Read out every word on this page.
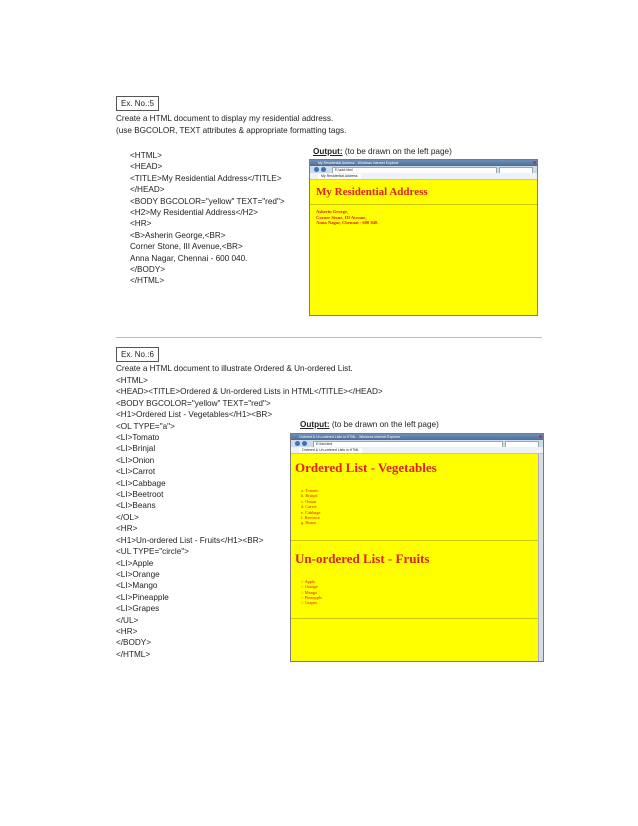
Ex. No.:5
Create a HTML document to display my residential address.
(use BGCOLOR, TEXT attributes & appropriate formatting tags.
<HTML>
<HEAD>
<TITLE>My Residential Address</TITLE>
</HEAD>
<BODY BGCOLOR="yellow" TEXT="red">
<H2>My Residential Address</H2>
<HR>
<B>Asherin George,<BR>
Corner Stone, III Avenue,<BR>
Anna Nagar, Chennai - 600 040.
</BODY>
</HTML>
Output: (to be drawn on the left page)
My Residential Address - Windows Internet Explorer
E:\add.html
My Residential Address
My Residential Address
Asherin George,
Corner Stone, III Avenue,
Anna Nagar, Chennai - 600 040.
Ex. No.:6
Create a HTML document to illustrate Ordered & Un-ordered List.
<HTML>
<HEAD><TITLE>Ordered & Un-ordered Lists in HTML</TITLE></HEAD>
<BODY BGCOLOR="yellow" TEXT="red">
<H1>Ordered List - Vegetables</H1><BR>
<OL TYPE="a">
<LI>Tomato
<LI>Brinjal
<LI>Onion
<LI>Carrot
<LI>Cabbage
<LI>Beetroot
<LI>Beans
</OL>
<HR>
<H1>Un-ordered List - Fruits</H1><BR>
<UL TYPE="circle">
<LI>Apple
<LI>Orange
<LI>Mango
<LI>Pineapple
<LI>Grapes
</UL>
<HR>
</BODY>
</HTML>
Output: (to be drawn on the left page)
Ordered & Un-ordered Lists in HTML - Windows Internet Explorer
E:\list.html
Ordered & Un-ordered Lists in HTML
Ordered List - Vegetables
a. Tomato
b. Brinjal
c. Onion
d. Carrot
e. Cabbage
f. Beetroot
g. Beans
Un-ordered List - Fruits
○ Apple
○ Orange
○ Mango
○ Pineapple
○ Grapes
